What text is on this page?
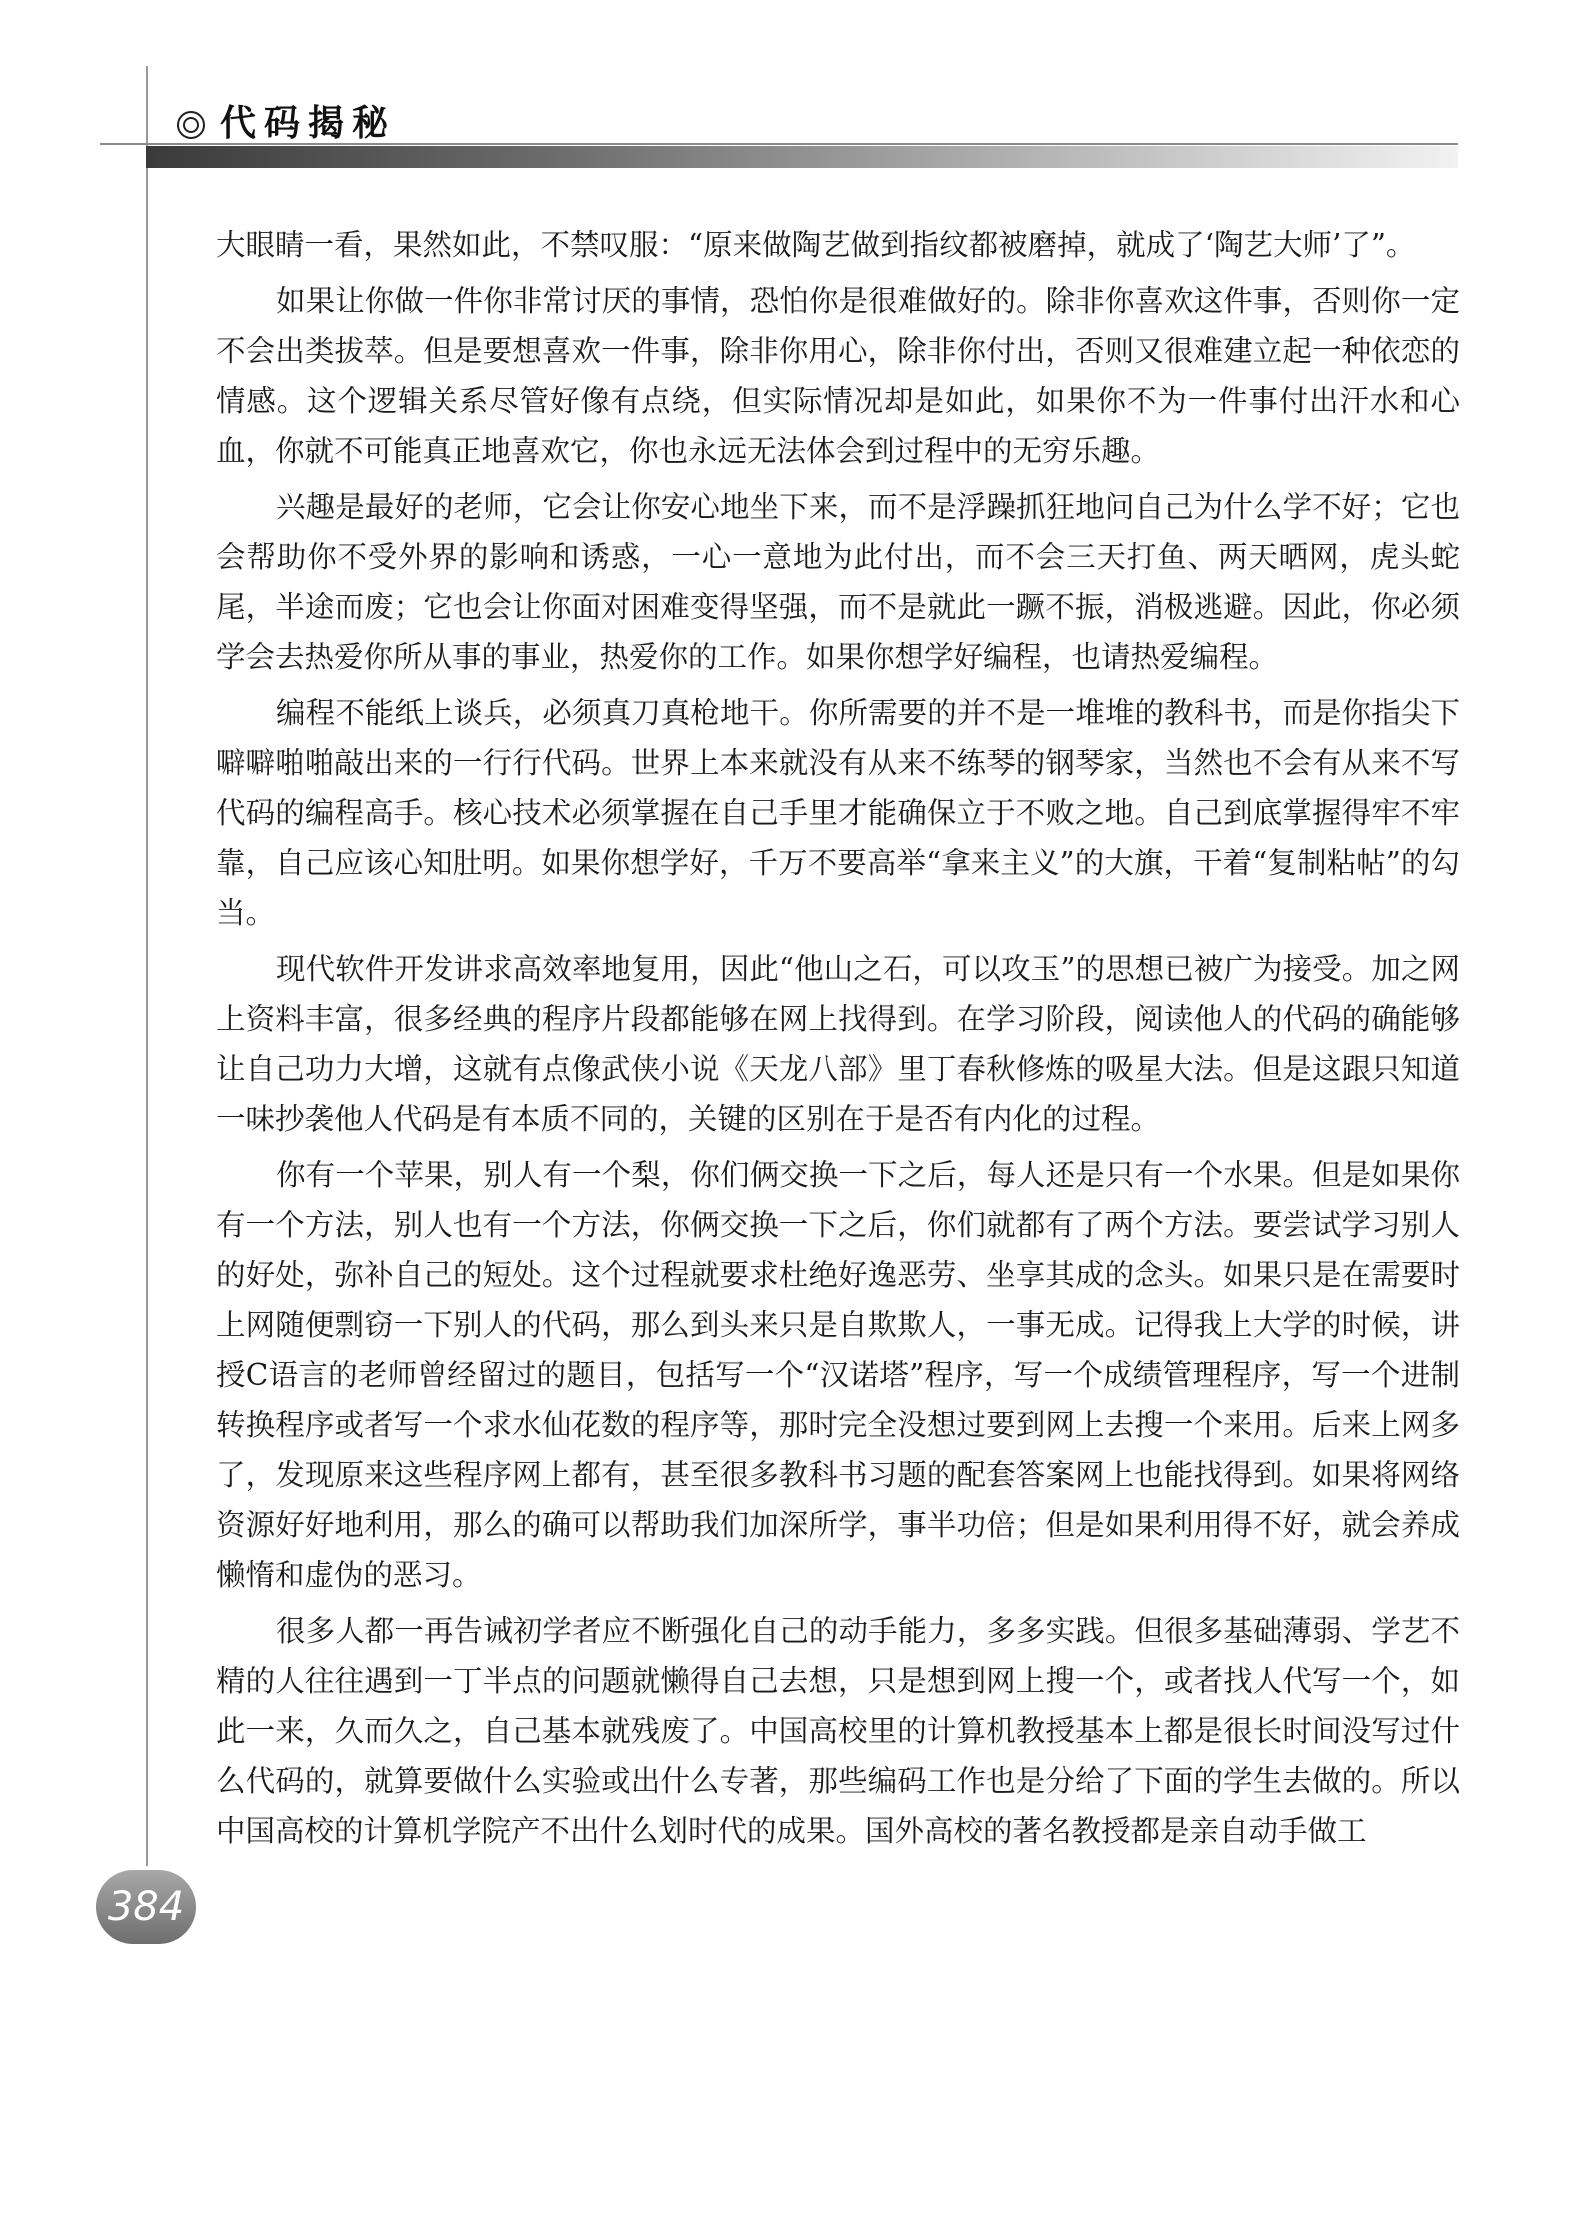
代码揭秘

大眼睛一看，果然如此，不禁叹服：“原来做陶艺做到指纹都被磨掉，就成了‘陶艺大师’了”。

如果让你做一件你非常讨厌的事情，恐怕你是很难做好的。除非你喜欢这件事，否则你一定不会出类拔萃。但是要想喜欢一件事，除非你用心，除非你付出，否则又很难建立起一种依恋的情感。这个逻辑关系尽管好像有点绕，但实际情况却是如此，如果你不为一件事付出汗水和心血，你就不可能真正地喜欢它，你也永远无法体会到过程中的无穷乐趣。

兴趣是最好的老师，它会让你安心地坐下来，而不是浮躁抓狂地问自己为什么学不好；它也会帮助你不受外界的影响和诱惑，一心一意地为此付出，而不会三天打鱼、两天晒网，虎头蛇尾，半途而废；它也会让你面对困难变得坚强，而不是就此一蹶不振，消极逃避。因此，你必须学会去热爱你所从事的事业，热爱你的工作。如果你想学好编程，也请热爱编程。

编程不能纸上谈兵，必须真刀真枪地干。你所需要的并不是一堆堆的教科书，而是你指尖下噼噼啪啪敲出来的一行行代码。世界上本来就没有从来不练琴的钢琴家，当然也不会有从来不写代码的编程高手。核心技术必须掌握在自己手里才能确保立于不败之地。自己到底掌握得牢不牢靠，自己应该心知肚明。如果你想学好，千万不要高举“拿来主义”的大旗，干着“复制粘帖”的勾当。

现代软件开发讲求高效率地复用，因此“他山之石，可以攻玉”的思想已被广为接受。加之网上资料丰富，很多经典的程序片段都能够在网上找得到。在学习阶段，阅读他人的代码的确能够让自己功力大增，这就有点像武侠小说《天龙八部》里丁春秋修炼的吸星大法。但是这跟只知道一味抄袭他人代码是有本质不同的，关键的区别在于是否有内化的过程。

你有一个苹果，别人有一个梨，你们俩交换一下之后，每人还是只有一个水果。但是如果你有一个方法，别人也有一个方法，你俩交换一下之后，你们就都有了两个方法。要尝试学习别人的好处，弥补自己的短处。这个过程就要求杜绝好逸恶劳、坐享其成的念头。如果只是在需要时上网随便剽窃一下别人的代码，那么到头来只是自欺欺人，一事无成。记得我上大学的时候，讲授C语言的老师曾经留过的题目，包括写一个“汉诺塔”程序，写一个成绩管理程序，写一个进制转换程序或者写一个求水仙花数的程序等，那时完全没想过要到网上去搜一个来用。后来上网多了，发现原来这些程序网上都有，甚至很多教科书习题的配套答案网上也能找得到。如果将网络资源好好地利用，那么的确可以帮助我们加深所学，事半功倍；但是如果利用得不好，就会养成懒惰和虚伪的恶习。

很多人都一再告诫初学者应不断强化自己的动手能力，多多实践。但很多基础薄弱、学艺不精的人往往遇到一丁半点的问题就懒得自己去想，只是想到网上搜一个，或者找人代写一个，如此一来，久而久之，自己基本就残废了。中国高校里的计算机教授基本上都是很长时间没写过什么代码的，就算要做什么实验或出什么专著，那些编码工作也是分给了下面的学生去做的。所以中国高校的计算机学院产不出什么划时代的成果。国外高校的著名教授都是亲自动手做工

384
